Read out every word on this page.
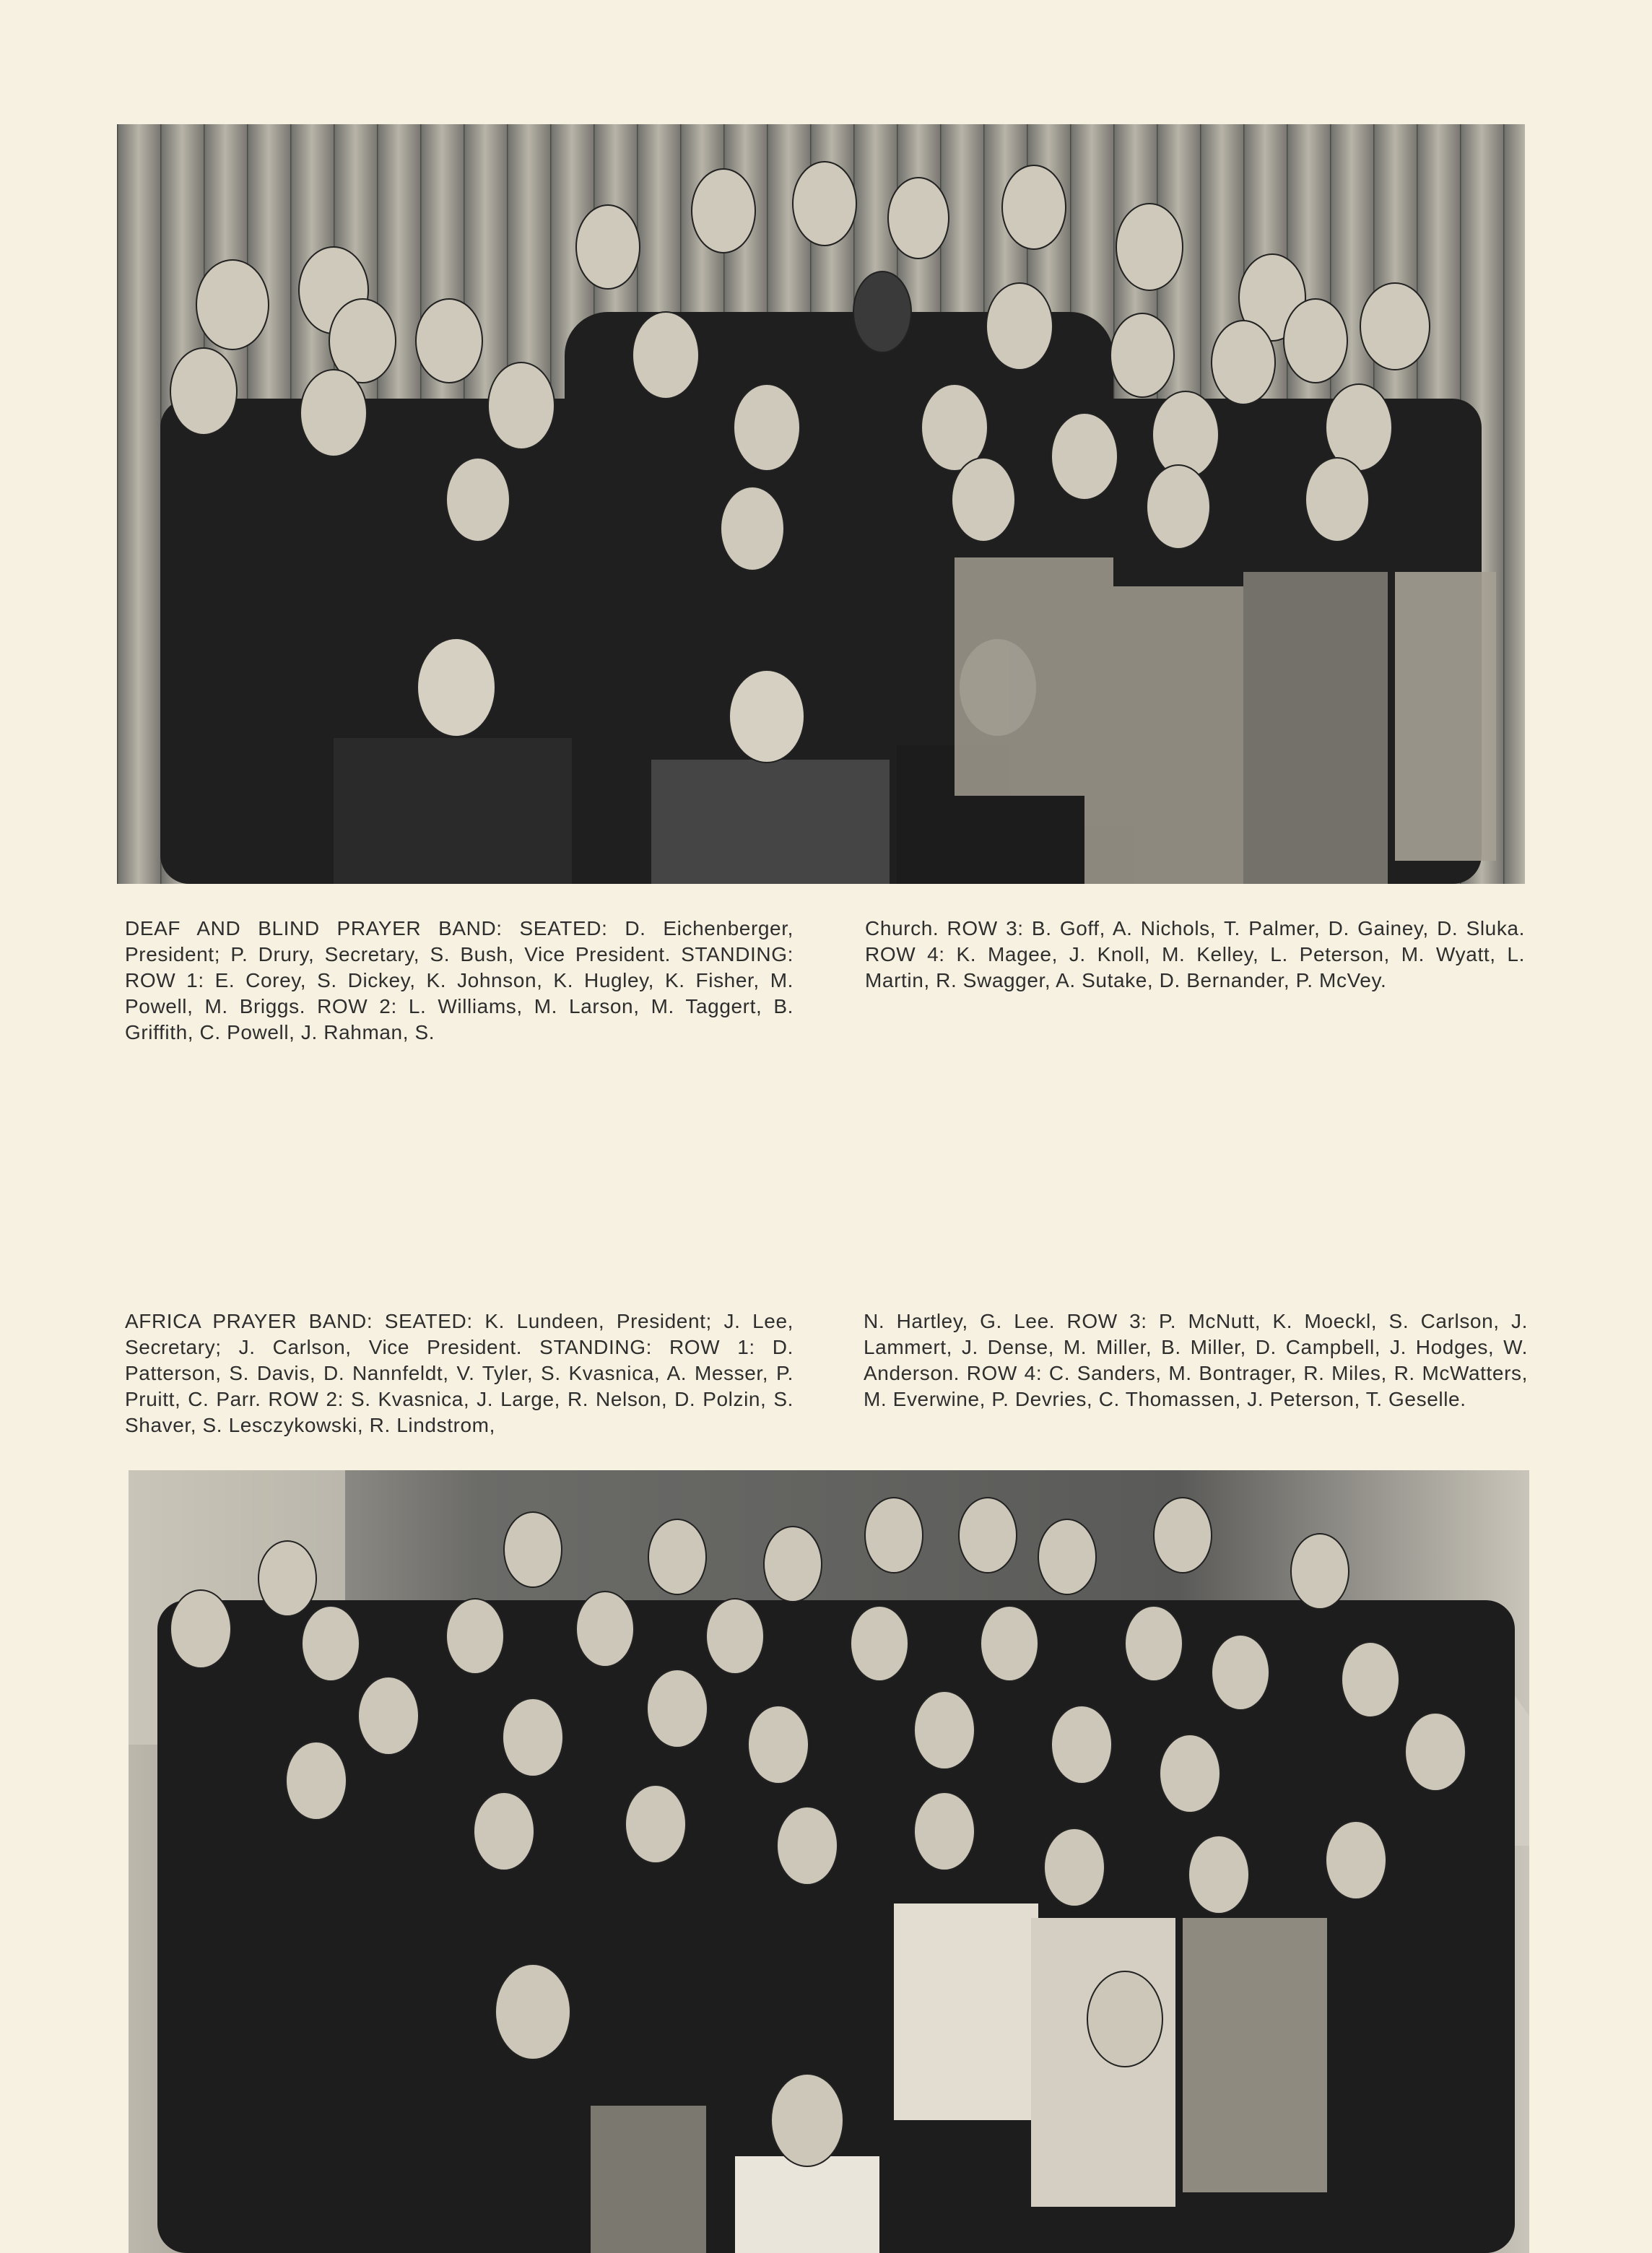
DEAF AND BLIND PRAYER BAND: SEATED: D. Eichenberger, President; P. Drury, Secretary, S. Bush, Vice President. STANDING: ROW 1: E. Corey, S. Dickey, K. Johnson, K. Hugley, K. Fisher, M. Powell, M. Briggs. ROW 2: L. Williams, M. Larson, M. Taggert, B. Griffith, C. Powell, J. Rahman, S.
Church. ROW 3: B. Goff, A. Nichols, T. Palmer, D. Gainey, D. Sluka. ROW 4: K. Magee, J. Knoll, M. Kelley, L. Peterson, M. Wyatt, L. Martin, R. Swagger, A. Sutake, D. Bernander, P. McVey.
AFRICA PRAYER BAND: SEATED: K. Lundeen, President; J. Lee, Secretary; J. Carlson, Vice President. STANDING: ROW 1: D. Patterson, S. Davis, D. Nannfeldt, V. Tyler, S. Kvasnica, A. Messer, P. Pruitt, C. Parr. ROW 2: S. Kvasnica, J. Large, R. Nelson, D. Polzin, S. Shaver, S. Lesczykowski, R. Lindstrom,
N. Hartley, G. Lee. ROW 3: P. McNutt, K. Moeckl, S. Carlson, J. Lammert, J. Dense, M. Miller, B. Miller, D. Campbell, J. Hodges, W. Anderson. ROW 4: C. Sanders, M. Bontrager, R. Miles, R. McWatters, M. Everwine, P. Devries, C. Thomassen, J. Peterson, T. Geselle.
